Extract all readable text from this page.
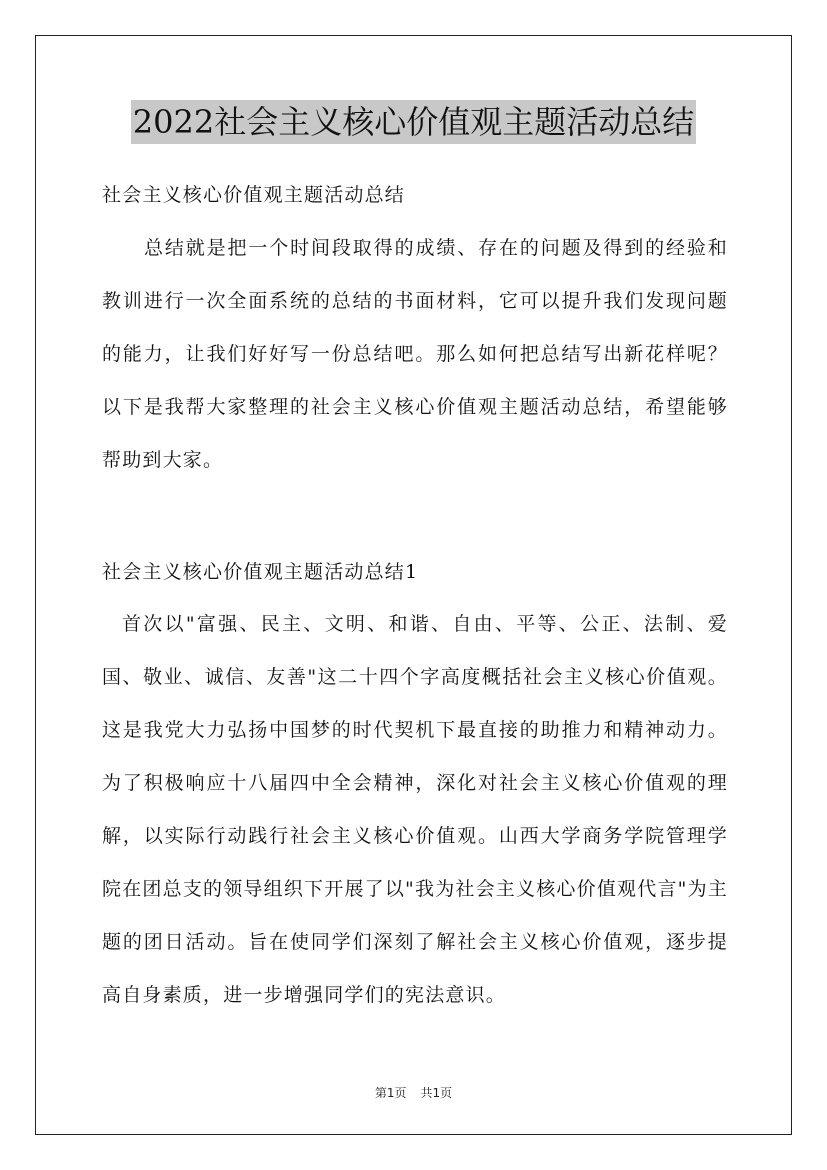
2022社会主义核心价值观主题活动总结
社会主义核心价值观主题活动总结

总结就是把一个时间段取得的成绩、存在的问题及得到的经验和教训进行一次全面系统的总结的书面材料，它可以提升我们发现问题的能力，让我们好好写一份总结吧。那么如何把总结写出新花样呢？以下是我帮大家整理的社会主义核心价值观主题活动总结，希望能够帮助到大家。

社会主义核心价值观主题活动总结1

首次以"富强、民主、文明、和谐、自由、平等、公正、法制、爱国、敬业、诚信、友善"这二十四个字高度概括社会主义核心价值观。这是我党大力弘扬中国梦的时代契机下最直接的助推力和精神动力。为了积极响应十八届四中全会精神，深化对社会主义核心价值观的理解，以实际行动践行社会主义核心价值观。山西大学商务学院管理学院在团总支的领导组织下开展了以"我为社会主义核心价值观代言"为主题的团日活动。旨在使同学们深刻了解社会主义核心价值观，逐步提高自身素质，进一步增强同学们的宪法意识。

第1页 共1页
